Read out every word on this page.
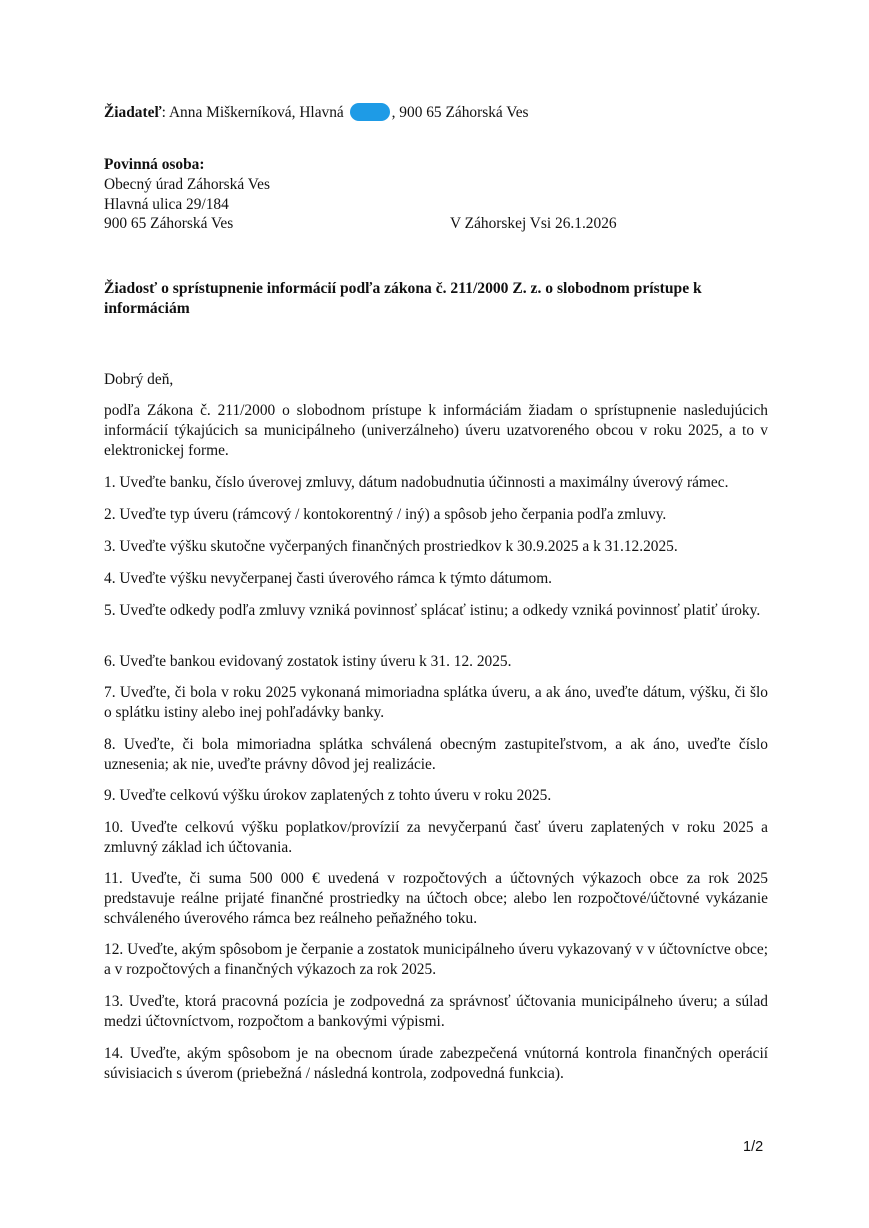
Žiadateľ: Anna Miškerníková, Hlavná	, 900 65 Záhorská Ves
Povinná osoba:
Obecný úrad Záhorská Ves
Hlavná ulica 29/184
900 65 Záhorská Ves	V Záhorskej Vsi 26.1.2026
Žiadosť o sprístupnenie informácií podľa zákona č. 211/2000 Z. z. o slobodnom prístupe k informáciám
Dobrý deň,
podľa Zákona č. 211/2000 o slobodnom prístupe k informáciám žiadam o sprístupnenie nasledujúcich informácií týkajúcich sa municipálneho (univerzálneho) úveru uzatvoreného obcou v roku 2025, a to v elektronickej forme.
1. Uveďte banku, číslo úverovej zmluvy, dátum nadobudnutia účinnosti a maximálny úverový rámec.
2. Uveďte typ úveru (rámcový / kontokorentný / iný) a spôsob jeho čerpania podľa zmluvy.
3. Uveďte výšku skutočne vyčerpaných finančných prostriedkov k 30.9.2025 a k 31.12.2025.
4. Uveďte výšku nevyčerpanej časti úverového rámca k týmto dátumom.
5. Uveďte odkedy podľa zmluvy vzniká povinnosť splácať istinu; a odkedy vzniká povinnosť platiť úroky.
6. Uveďte bankou evidovaný zostatok istiny úveru k 31. 12. 2025.
7. Uveďte, či bola v roku 2025 vykonaná mimoriadna splátka úveru, a ak áno, uveďte dátum, výšku, či šlo o splátku istiny alebo inej pohľadávky banky.
8. Uveďte, či bola mimoriadna splátka schválená obecným zastupiteľstvom, a ak áno, uveďte číslo uznesenia; ak nie, uveďte právny dôvod jej realizácie.
9. Uveďte celkovú výšku úrokov zaplatených z tohto úveru v roku 2025.
10. Uveďte celkovú výšku poplatkov/provízií za nevyčerpanú časť úveru zaplatených v roku 2025 a zmluvný základ ich účtovania.
11. Uveďte, či suma 500 000 € uvedená v rozpočtových a účtovných výkazoch obce za rok 2025 predstavuje reálne prijaté finančné prostriedky na účtoch obce; alebo len rozpočtové/účtovné vykázanie schváleného úverového rámca bez reálneho peňažného toku.
12. Uveďte, akým spôsobom je čerpanie a zostatok municipálneho úveru vykazovaný v v účtovníctve obce; a v rozpočtových a finančných výkazoch za rok 2025.
13. Uveďte, ktorá pracovná pozícia je zodpovedná za správnosť účtovania municipálneho úveru; a súlad medzi účtovníctvom, rozpočtom a bankovými výpismi.
14. Uveďte, akým spôsobom je na obecnom úrade zabezpečená vnútorná kontrola finančných operácií súvisiacich s úverom (priebežná / následná kontrola, zodpovedná funkcia).
1/2
